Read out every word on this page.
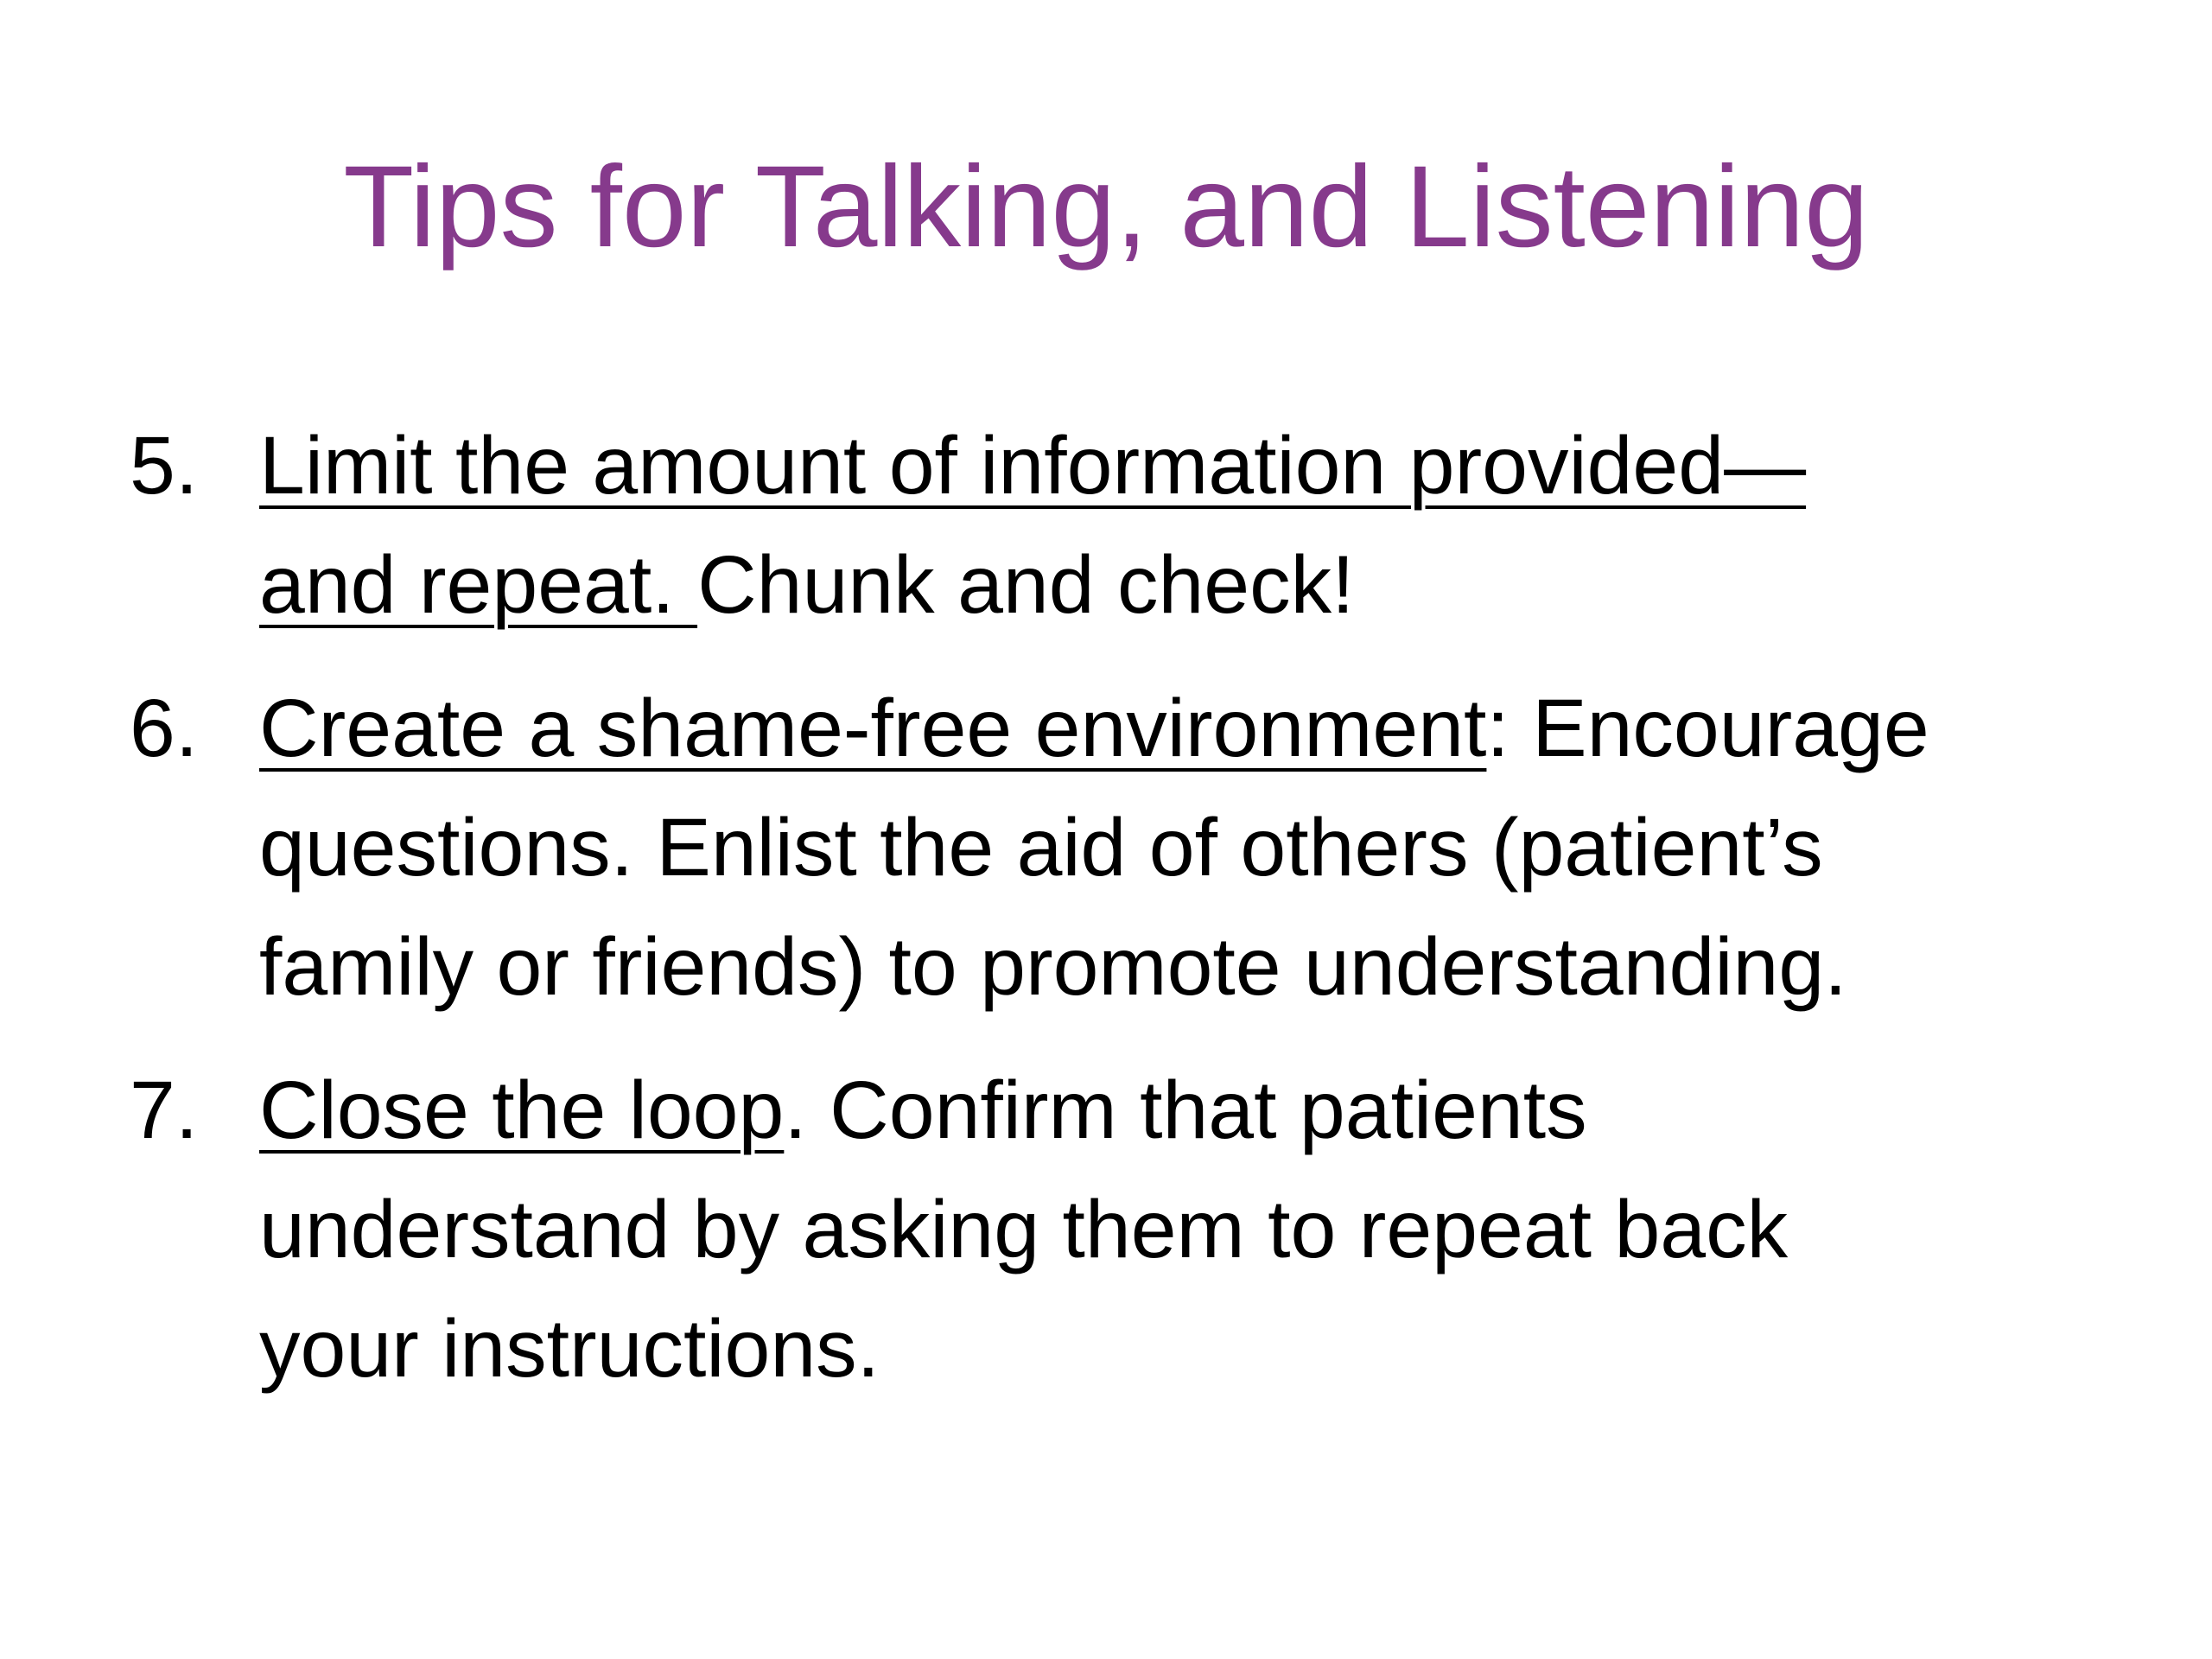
Tips for Talking, and Listening
5. Limit the amount of information provided—
and repeat. Chunk and check!
6. Create a shame-free environment: Encourage
questions. Enlist the aid of others (patient’s
family or friends) to promote understanding.
7. Close the loop. Confirm that patients
understand by asking them to repeat back
your instructions.
